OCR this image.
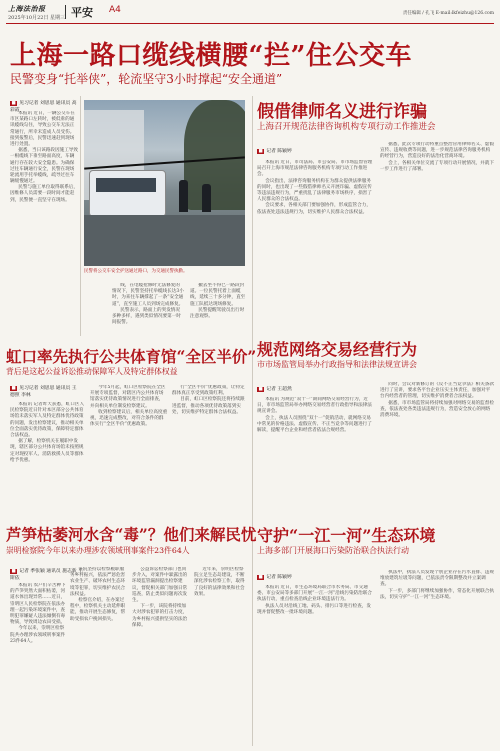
上海法治报
2025年10月22日 星期三 平安 A4	责任编辑 / 孔飞 E-mail:lkfeizhu@126.com
上海一路口缆线横腰“拦”住公交车
民警变身“托举侠”，轮流坚守3小时撑起“安全通道”
■ 见习记者 刘思思 通讯员 高彩霞

本报讯 近日，一辆公交车在市区某路口左转时，被低垂的通讯缆线勾住，导致公交车无法正常通行，所幸未造成人员受伤。接到报警后，民警迅速赶到现场进行处置。

据悉，当日该路段因施工导致一根缆线下垂至路面高度，车辆通行存在较大安全隐患。为确保过往车辆通行安全，民警在现场轮流用手托举缆线，疏导过往车辆缓慢通过。

民警与施工单位取得联系后，因维修人员需要一段时间才能赶到，民警便一直坚守在现场。

民警将公交车安全护送通过路口，为交通民警执勤。

线，在电缆抢修时无法修复的情况下，民警坚持托举缆线长达3小时，为来往车辆撑起了一条“安全通道”，直至施工人员到场完成修复。

民警表示，路面上的突发情况多种多样，遇到类似情况要第一时间报警。

撤去坐不得已一路段封道。一位民警托着上面缆线，延续三十多分钟，直至施工队抵达现场修复。

民警提醒驾驶员出行时注意观察。

假借律师名义进行诈骗
上海召开规范法律咨询机构专项行动工作推进会
■ 记者 陈颖婷

本报讯 近日，市司法局、市公安局、市市场监督管理局召开上海市规范法律咨询服务机构专项行动工作推进会。

会议指出，法律咨询服务机构在为群众提供法律服务的同时，也出现了一些假借律师名义开展诈骗、虚假宣传等违法违规行为，严重扰乱了法律服务市场秩序，损害了人民群众的合法权益。

会议要求，各相关部门要加强协作，形成监管合力，依法查处违法违规行为，切实维护人民群众合法权益。

据悉，此次专项行动将重点整治冒用律师名义、虚假宣传、违规收费等问题，进一步规范法律咨询服务机构的经营行为，营造良好的法治化营商环境。

会上，各相关单位交流了专项行动开展情况，并就下一步工作进行了部署。

规范网络交易经营行为
市市场监管局举办行政指导和法律法规宣讲会
■ 记者 王超然

本报讯 为规范“双十一”期间网络交易经营行为，近日，市市场监管局举办网络交易经营者行政指导和法律法规宣讲会。

会上，执法人员围绕“双十一”促销活动，就网络交易中常见的价格违法、虚假宣传、不正当竞争等问题进行了解读，提醒平台企业和经营者依法合规经营。

同时，会议对新修订的《反不正当竞争法》相关条款进行了宣讲，要求各平台企业压实主体责任，加强对平台内经营者的管理，切实维护消费者合法权益。

据悉，市市场监管局将持续加强对网络交易的监督检查，依法查处各类违法违规行为，营造安全放心的网络消费环境。

守护“一江一河”生态环境
上海多部门开展海口污染防治联合执法行动
■ 记者 陈颖婷

本报讯 近日，市生态环境局联合市水务局、市交通委、市公安局等多部门开展“一江一河”沿线污染防治联合执法行动，重点检查沿线企业环境违法行为。

执法人员对沿线工地、码头、排污口等进行检查，发现并督促整改一批环境问题。

执法中，执法人员发现个别企业存在污水直排、违规堆放建筑垃圾等问题，已依法责令限期整改并立案调查。

下一步，多部门将继续加强协作，常态化开展联合执法，切实守护“一江一河”生态环境。

虹口率先执行公共体育馆“全区半价”
背后是这起公益诉讼推动保障军人及特定群体权益
■ 见习记者 刘思思 通讯员 王德照 李林

本报讯 记者昨天获悉，虹口区人民检察院近日针对本区部分公共体育场馆未落实军人及特定群体优待政策的问题，发出检察建议，推动相关单位全面落实优待政策，保障特定群体合法权益。

据了解，检察机关在履职中发现，辖区部分公共体育场馆未按照规定对现役军人、消防救援人员等群体给予优惠。

今年5月起，虹口区检察院在全区开展专项监督，对辖区内公共体育场馆落实优待政策情况进行全面排查，并向相关单位制发检察建议。

收到检察建议后，相关单位高度重视，迅速完成整改，对符合条件的群体实行“全区半价”优惠政策。

行“全区半价”优惠政策，让特定群体真正享受到政策红利。

目前，虹口区检察院还将持续跟进监督，推动各项优待政策落到实处，切实维护特定群体合法权益。

芦笋枯萎河水含“毒”？他们来解民忧
崇明检察院今年以来办理涉农领域刑事案件23件64人
■ 记者 季张颖 通讯员 施志新 王斯依

本报讯 农户们辛苦种下的芦笋突然大面积枯萎，河道水体出现异常……近日，崇明区人民检察院在依法办理一起污染环境案件中，查明犯罪嫌疑人违法倾倒有毒物质，导致周边农田受损。

今年以来，崇明区检察院共办理涉农领域刑事案件23件64人。

该院坚持以检察履职服务乡村振兴，依法严惩危害农业生产、破坏农村生态环境等犯罪，切实维护农民合法权益。

检察官介绍，在办案过程中，检察机关主动延伸职能，推动开展生态修复，帮助受损农户挽回损失。

公益诉讼检察部门也同步介入，对案件中暴露出的环境监管漏洞提出检察建议，督促相关部门加强日常巡查，防止类似问题再次发生。

下一步，该院将持续加大对涉农犯罪的打击力度，为乡村振兴提供坚实的法治保障。

近年来，崇明区检察院立足生态岛建设，不断深化涉农检察工作，取得了良好的法律效果和社会效果。
